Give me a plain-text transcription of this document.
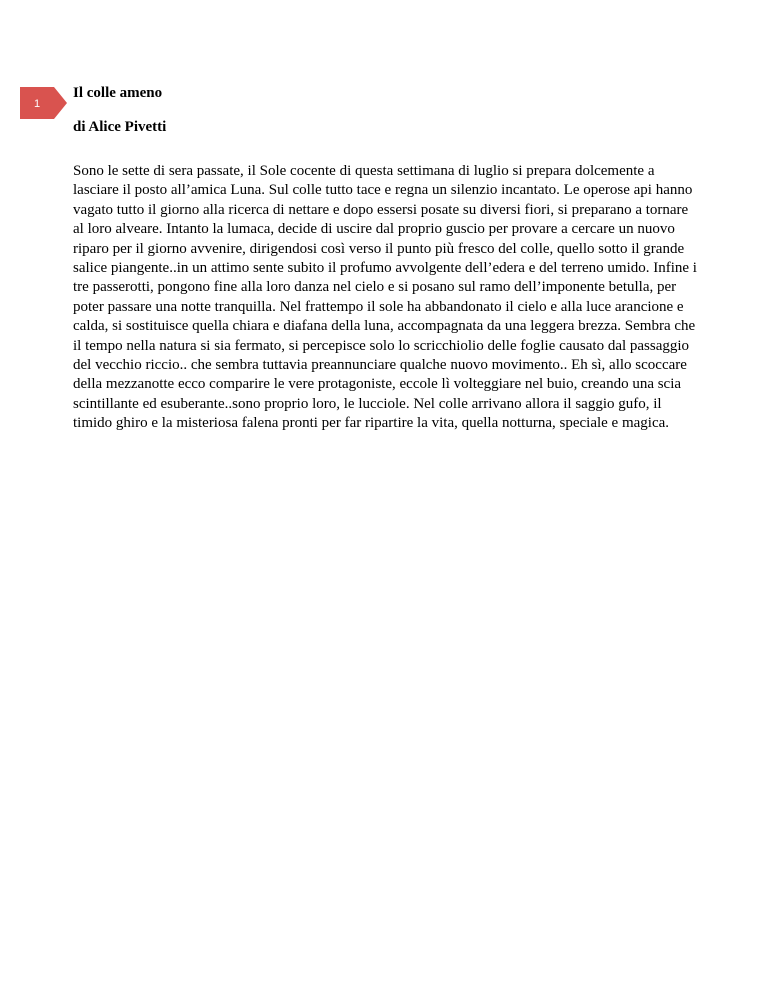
1

Il colle ameno

di Alice Pivetti

Sono le sette di sera passate, il Sole cocente di questa settimana di luglio si prepara dolcemente a lasciare il posto all’amica Luna. Sul colle tutto tace e regna un silenzio incantato. Le operose api hanno vagato tutto il giorno alla ricerca di nettare e dopo essersi posate su diversi fiori, si preparano a tornare al loro alveare. Intanto la lumaca, decide di uscire dal proprio guscio per provare a cercare un nuovo riparo per il giorno avvenire, dirigendosi così verso il punto più fresco del colle, quello sotto il grande salice piangente..in un attimo sente subito il profumo avvolgente dell’edera e del terreno umido. Infine i tre passerotti, pongono fine alla loro danza nel cielo e si posano sul ramo dell’imponente betulla, per poter passare una notte tranquilla. Nel frattempo il sole ha abbandonato il cielo e alla luce arancione e calda, si sostituisce quella chiara e diafana della luna, accompagnata da una leggera brezza. Sembra che il tempo nella natura si sia fermato, si percepisce solo lo scricchiolio delle foglie causato dal passaggio del vecchio riccio.. che sembra tuttavia preannunciare qualche nuovo movimento.. Eh sì, allo scoccare della mezzanotte ecco comparire le vere protagoniste, eccole lì volteggiare nel buio, creando una scia scintillante ed esuberante..sono proprio loro, le lucciole. Nel colle arrivano allora il saggio gufo, il timido ghiro e la misteriosa falena pronti per far ripartire la vita, quella notturna, speciale e magica.
